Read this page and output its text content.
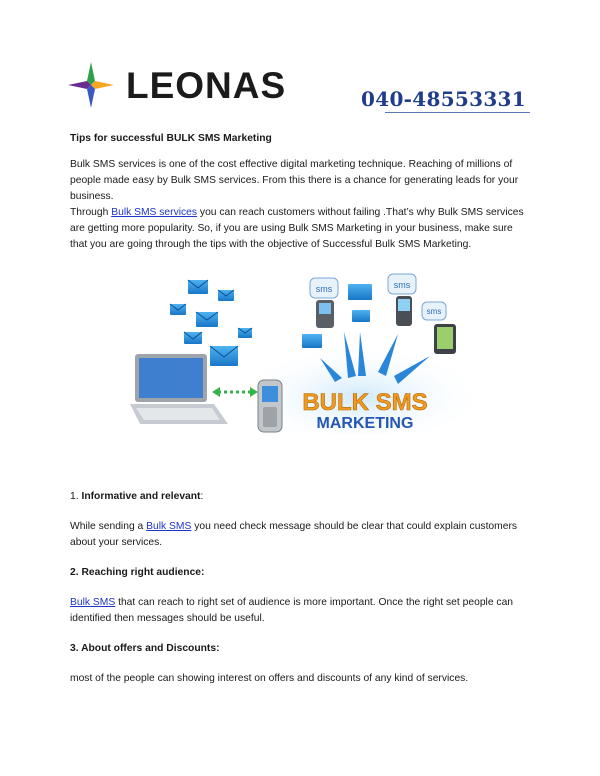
LEONAS	040-48553331
Tips for successful BULK SMS Marketing
Bulk SMS services is one of the cost effective digital marketing technique. Reaching of millions of people made easy by Bulk SMS services. From this there is a chance for generating leads for your business.
Through Bulk SMS services you can reach customers without failing .That’s why Bulk SMS services are getting more popularity. So, if you are using Bulk SMS Marketing in your business, make sure that you are going through the tips with the objective of Successful Bulk SMS Marketing.
sms	sms
sms
BULK SMS
MARKETING
1. Informative and relevant:
While sending a Bulk SMS you need check message should be clear that could explain customers about your services.
2. Reaching right audience:
Bulk SMS that can reach to right set of audience is more important. Once the right set people can identified then messages should be useful.
3. About offers and Discounts:
most of the people can showing interest on offers and discounts of any kind of services.
